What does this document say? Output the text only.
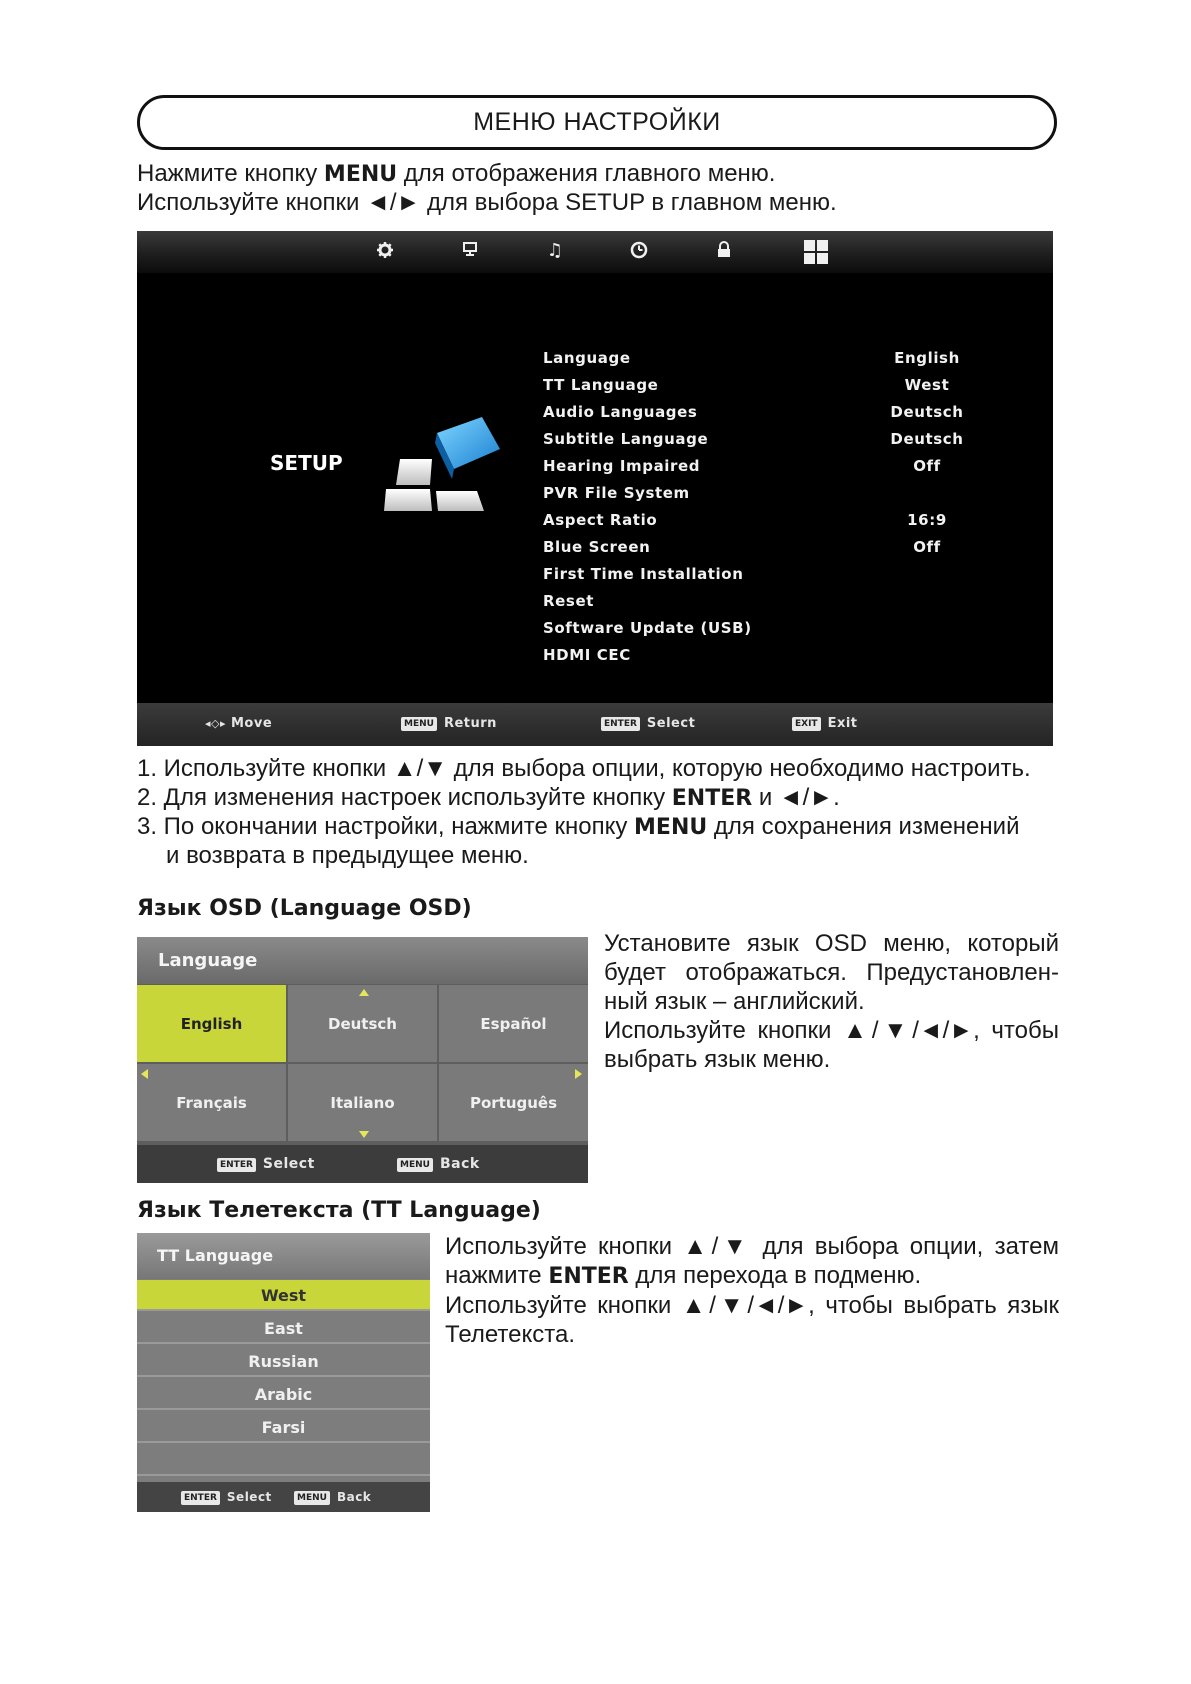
МЕНЮ НАСТРОЙКИ
Нажмите кнопку MENU для отображения главного меню.
Используйте кнопки ◄/► для выбора SETUP в главном меню.
♫
SETUP
Language	English
TT Language	West
Audio Languages	Deutsch
Subtitle Language	Deutsch
Hearing Impaired	Off
PVR File System
Aspect Ratio	16:9
Blue Screen	Off
First Time Installation
Reset
Software Update (USB)
HDMI CEC
◂◇▸ Move	MENU Return	ENTER Select	EXIT Exit
1. Используйте кнопки ▲/▼ для выбора опции, которую необходимо настроить.
2. Для изменения настроек используйте кнопку ENTER и ◄/►.
3. По окончании настройки, нажмите кнопку MENU для сохранения изменений
и возврата в предыдущее меню.
Язык OSD (Language OSD)
Language
English	Deutsch	Español
Français	Italiano	Português
ENTER Select	MENU Back
Установите язык OSD меню, который будет отображаться. Предустановлен-ный язык – английский.
Используйте кнопки ▲/▼/◄/►, чтобы выбрать язык меню.
Язык Телетекста (TT Language)
TT Language
West
East
Russian
Arabic
Farsi
ENTER Select	MENU Back
Используйте кнопки ▲/▼ для выбора опции, затем нажмите ENTER для перехода в подменю.
Используйте кнопки ▲/▼/◄/►, чтобы выбрать язык Телетекста.
